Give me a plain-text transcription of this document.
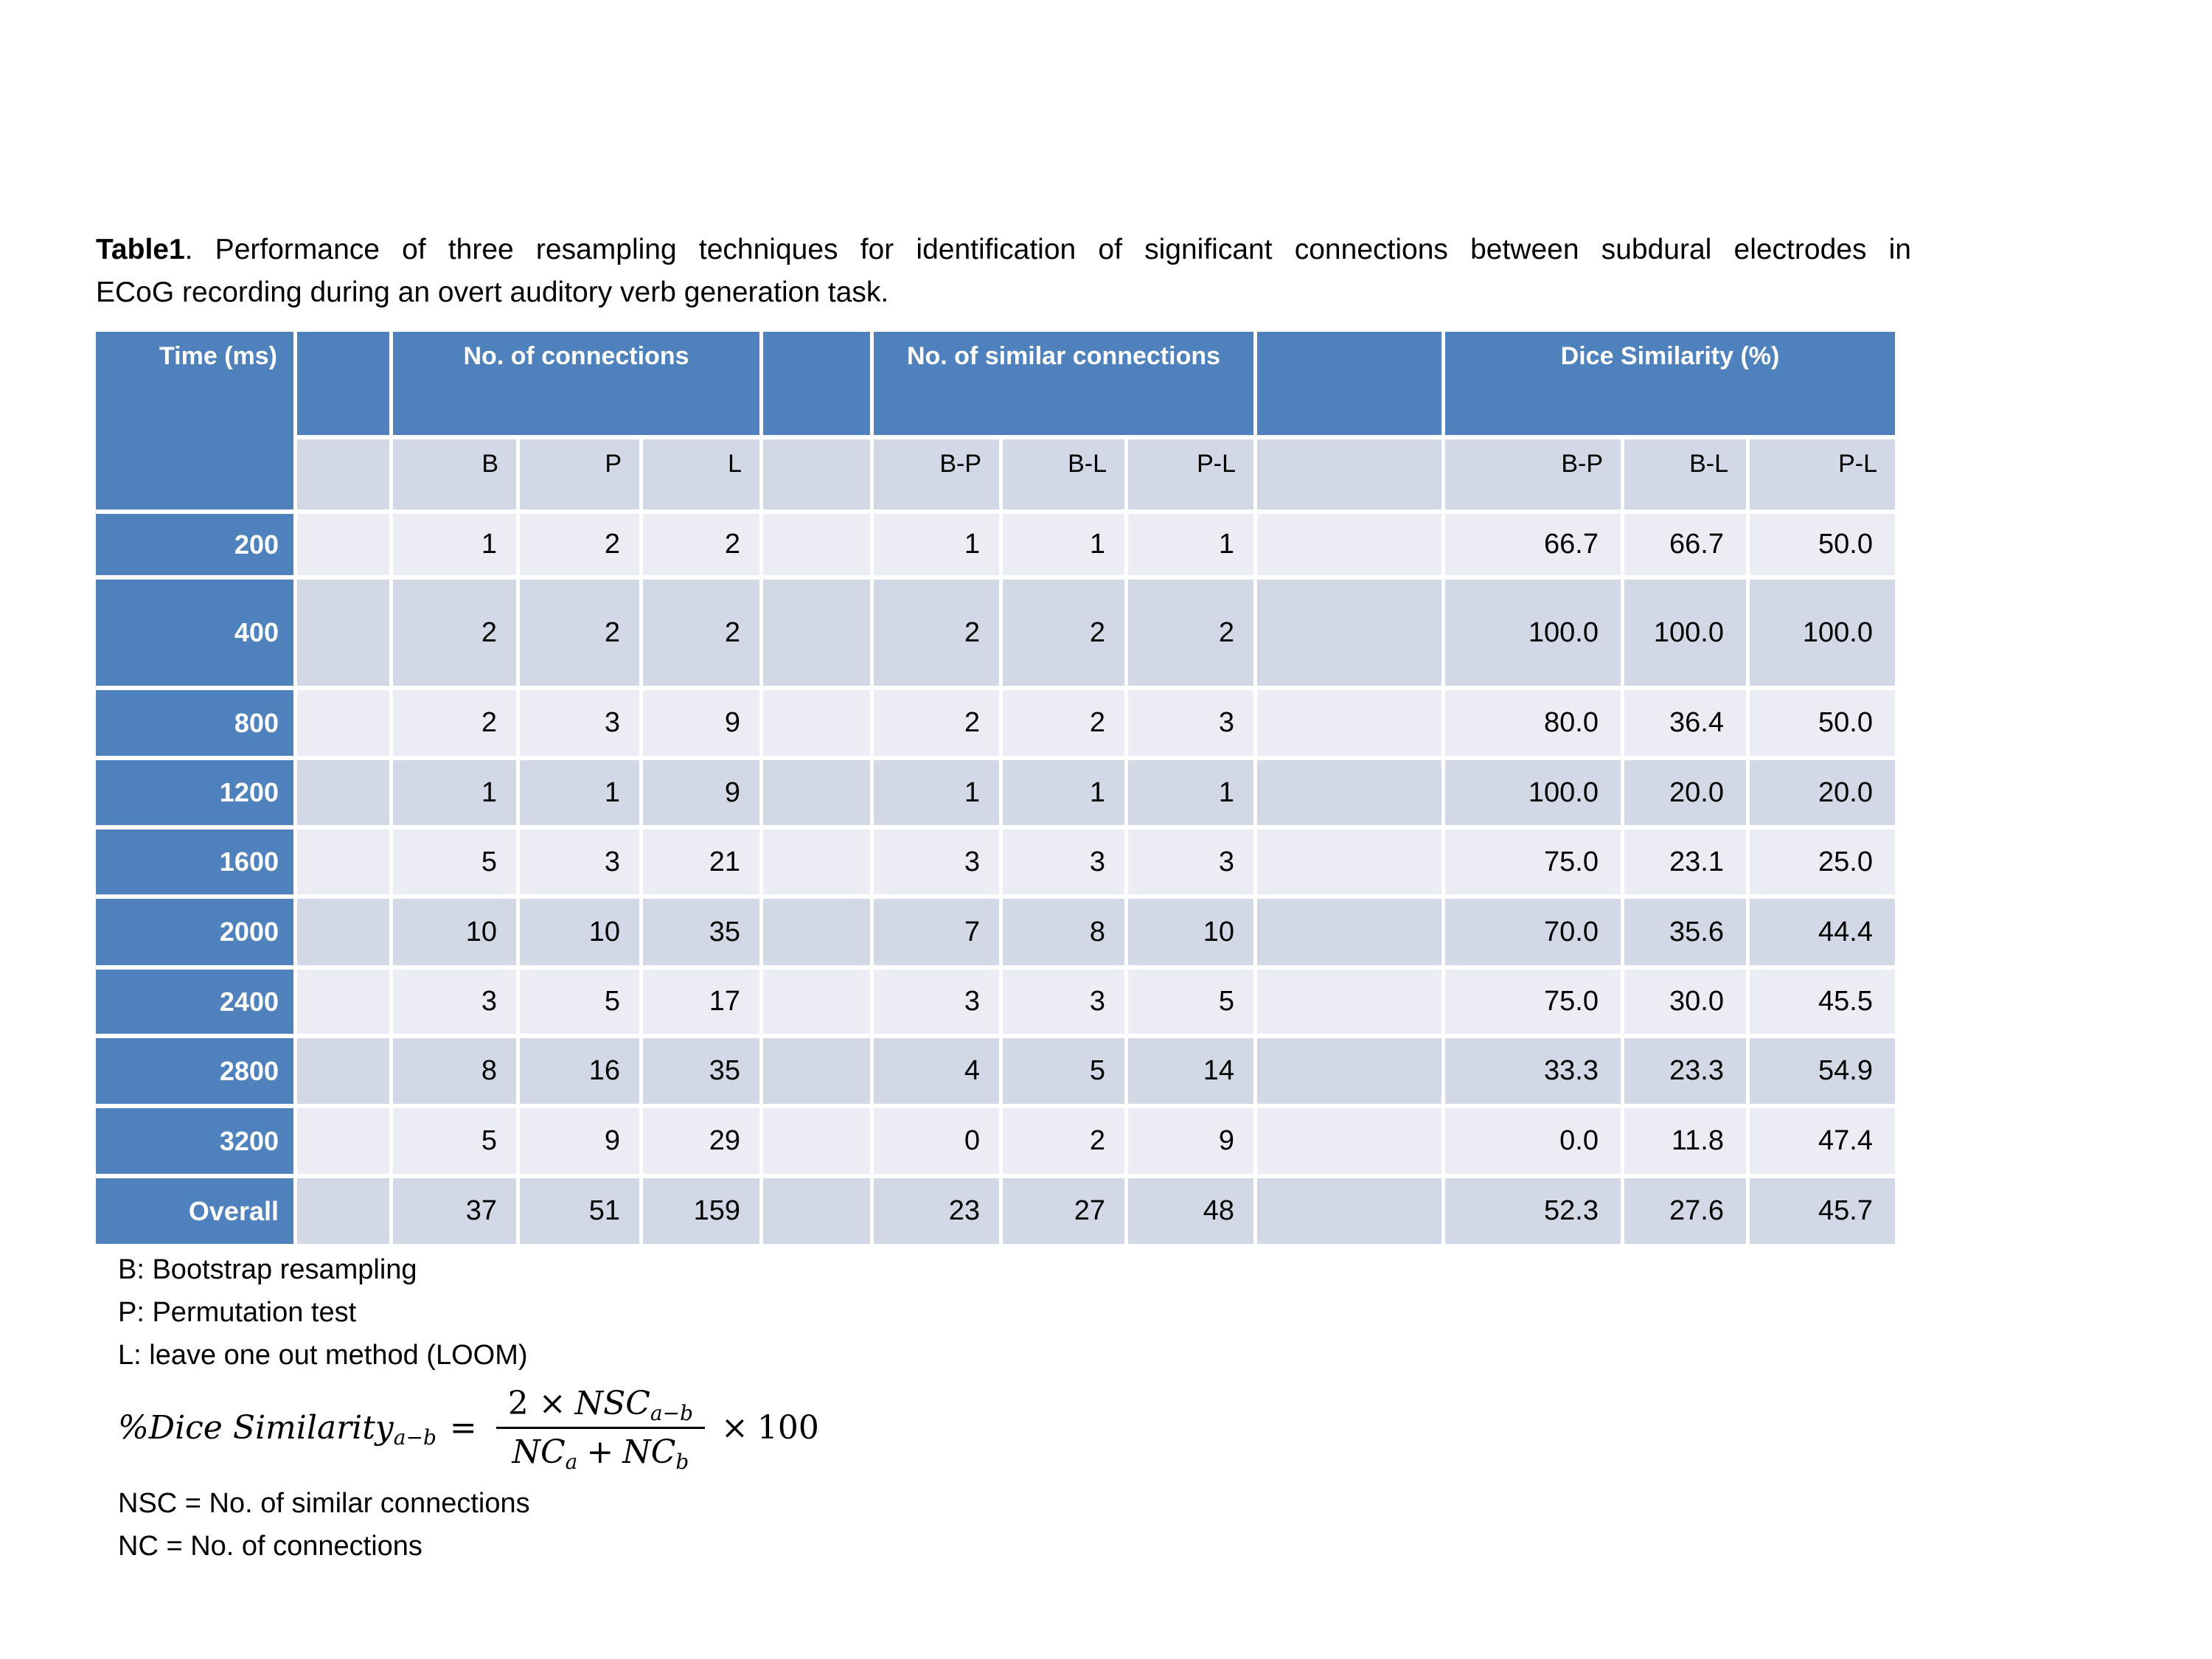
Table1. Performance of three resampling techniques for identification of significant connections between subdural electrodes in
ECoG recording during an overt auditory verb generation task.
Time (ms)	No. of connections	No. of similar connections	Dice Similarity (%)
B	P	L	B-P	B-L	P-L	B-P	B-L	P-L
200	1	2	2	1	1	1	66.7	66.7	50.0
400	2	2	2	2	2	2	100.0	100.0	100.0
800	2	3	9	2	2	3	80.0	36.4	50.0
1200	1	1	9	1	1	1	100.0	20.0	20.0
1600	5	3	21	3	3	3	75.0	23.1	25.0
2000	10	10	35	7	8	10	70.0	35.6	44.4
2400	3	5	17	3	3	5	75.0	30.0	45.5
2800	8	16	35	4	5	14	33.3	23.3	54.9
3200	5	9	29	0	2	9	0.0	11.8	47.4
Overall	37	51	159	23	27	48	52.3	27.6	45.7
B: Bootstrap resampling
P: Permutation test
L: leave one out method (LOOM)
%Dice Similarity $a-b = \frac{\text{2 × NSC a−b}}{\text{NC a + NC b}} \times 100$
NSC = No. of similar connections
NC = No. of connections
